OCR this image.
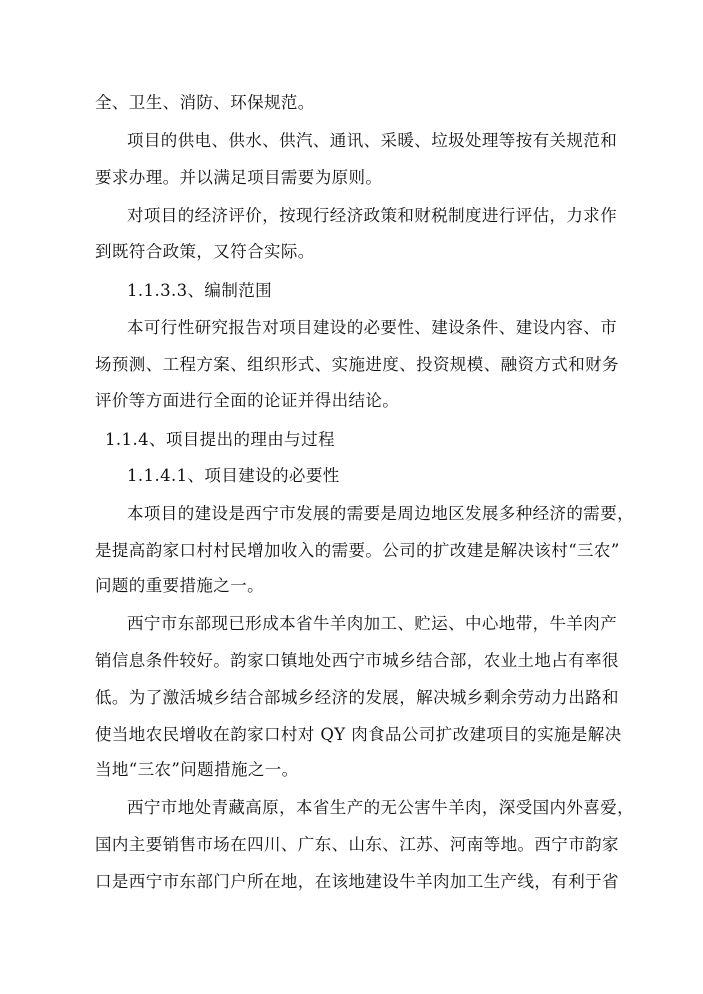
全、卫生、消防、环保规范。
项目的供电、供水、供汽、通讯、采暖、垃圾处理等按有关规范和
要求办理。并以满足项目需要为原则。
对项目的经济评价，按现行经济政策和财税制度进行评估，力求作
到既符合政策，又符合实际。
1.1.3.3、编制范围
本可行性研究报告对项目建设的必要性、建设条件、建设内容、市
场预测、工程方案、组织形式、实施进度、投资规模、融资方式和财务
评价等方面进行全面的论证并得出结论。
1.1.4、项目提出的理由与过程
1.1.4.1、项目建设的必要性
本项目的建设是西宁市发展的需要是周边地区发展多种经济的需要，
是提高韵家口村村民增加收入的需要。公司的扩改建是解决该村“三农”
问题的重要措施之一。
西宁市东部现已形成本省牛羊肉加工、贮运、中心地带，牛羊肉产
销信息条件较好。韵家口镇地处西宁市城乡结合部，农业土地占有率很
低。为了激活城乡结合部城乡经济的发展，解决城乡剩余劳动力出路和
使当地农民增收在韵家口村对 QY 肉食品公司扩改建项目的实施是解决
当地“三农”问题措施之一。
西宁市地处青藏高原，本省生产的无公害牛羊肉，深受国内外喜爱，
国内主要销售市场在四川、广东、山东、江苏、河南等地。西宁市韵家
口是西宁市东部门户所在地，在该地建设牛羊肉加工生产线，有利于省
